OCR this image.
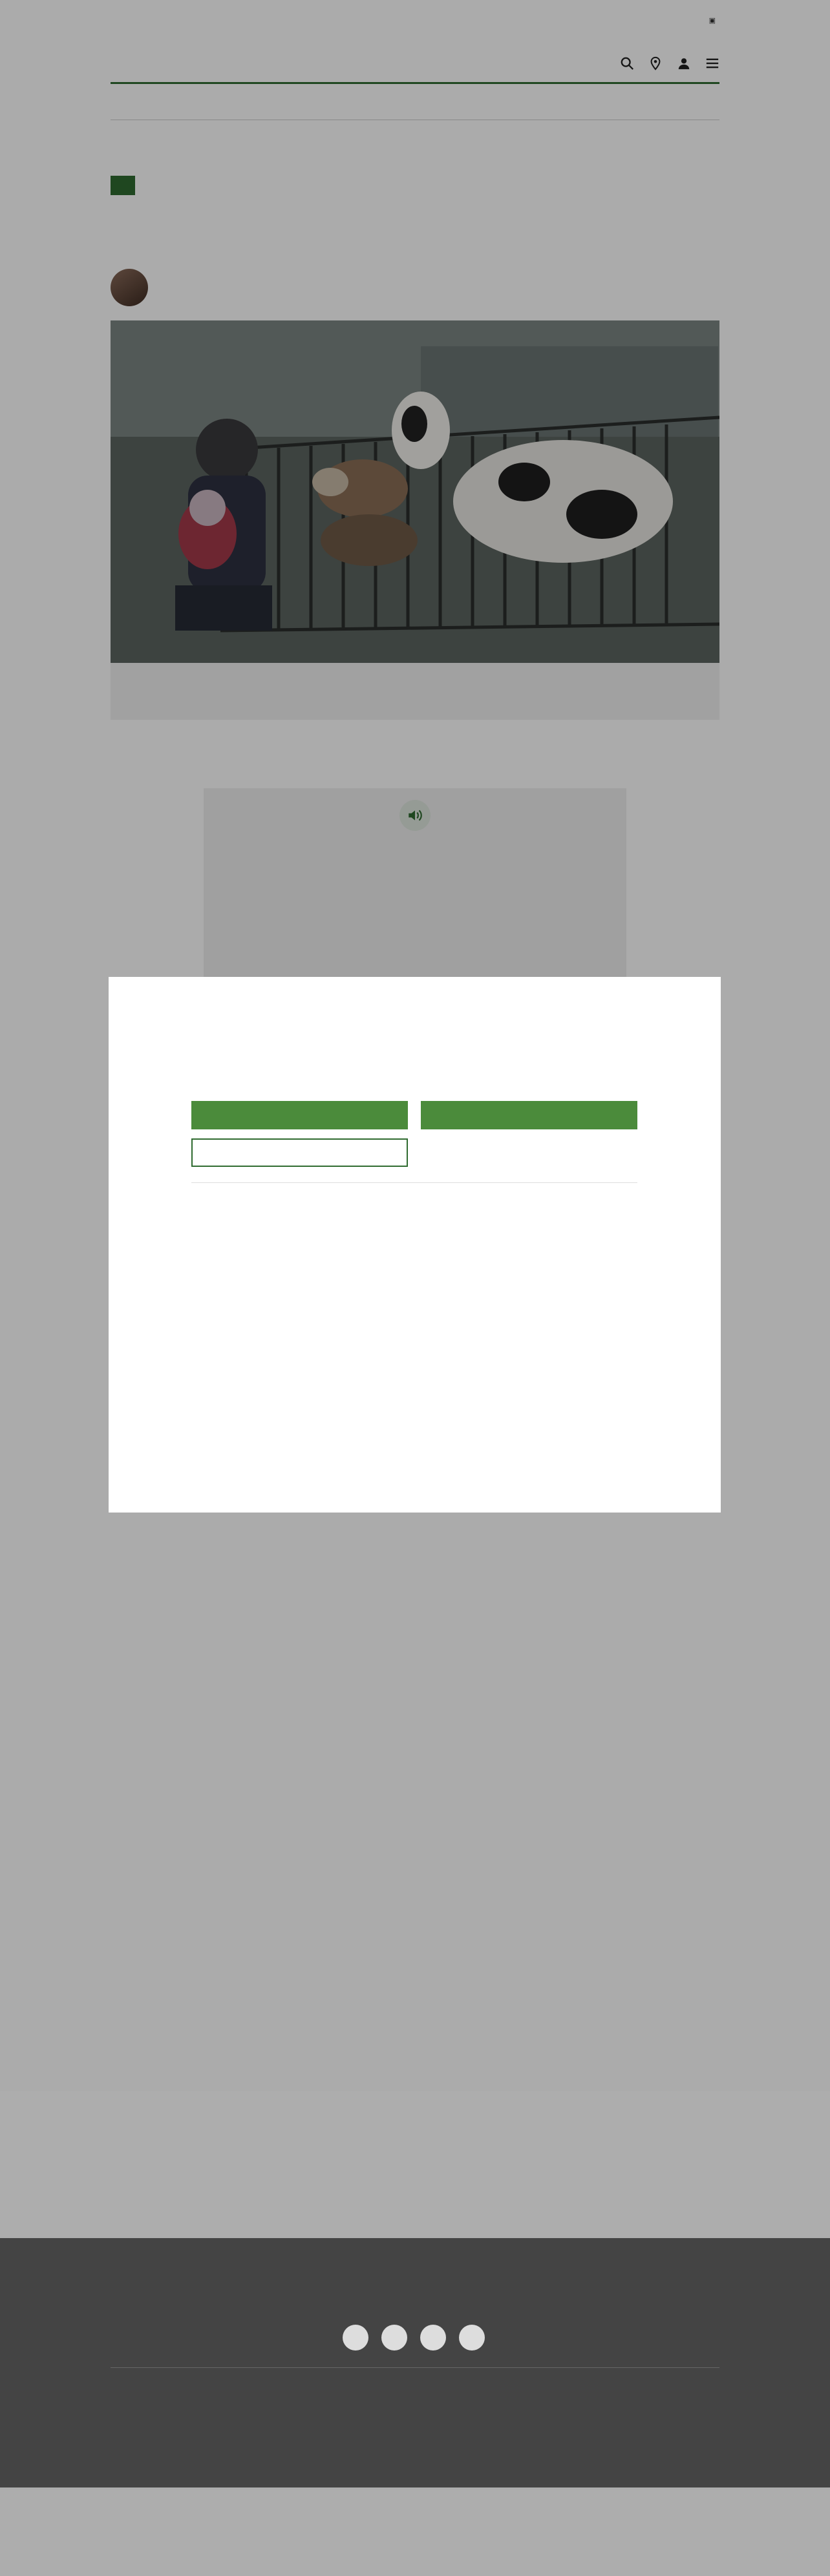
▣
